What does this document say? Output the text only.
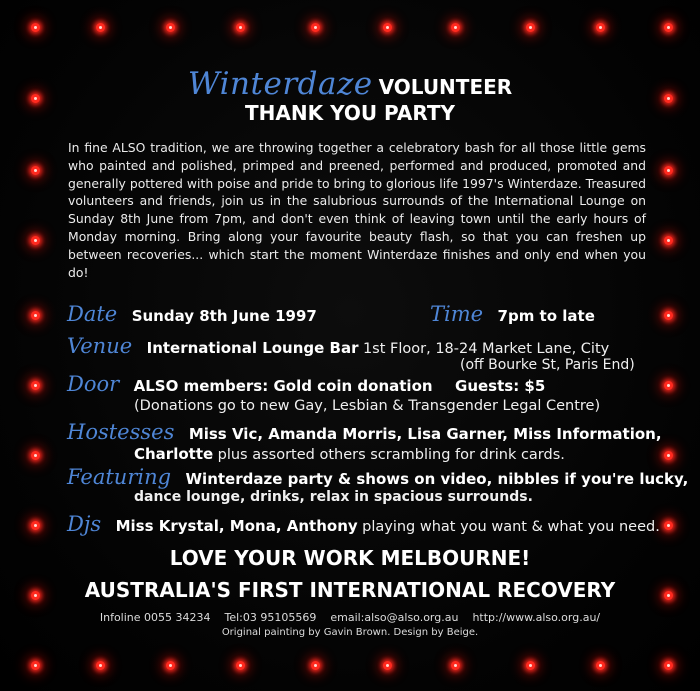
Winterdaze VOLUNTEER
THANK YOU PARTY
In fine ALSO tradition, we are throwing together a celebratory bash for all those little gems who painted and polished, primped and preened, performed and produced, promoted and generally pottered with poise and pride to bring to glorious life 1997's Winterdaze. Treasured volunteers and friends, join us in the salubrious surrounds of the International Lounge on Sunday 8th June from 7pm, and don't even think of leaving town until the early hours of Monday morning. Bring along your favourite beauty flash, so that you can freshen up between recoveries... which start the moment Winterdaze finishes and only end when you do!
Date Sunday 8th June 1997	Time 7pm to late
Venue International Lounge Bar 1st Floor, 18-24 Market Lane, City
(off Bourke St, Paris End)
Door ALSO members: Gold coin donation Guests: $5
(Donations go to new Gay, Lesbian & Transgender Legal Centre)
Hostesses Miss Vic, Amanda Morris, Lisa Garner, Miss Information,
Charlotte plus assorted others scrambling for drink cards.
Featuring Winterdaze party & shows on video, nibbles if you're lucky,
dance lounge, drinks, relax in spacious surrounds.
Djs Miss Krystal, Mona, Anthony playing what you want & what you need.
LOVE YOUR WORK MELBOURNE!
AUSTRALIA'S FIRST INTERNATIONAL RECOVERY
Infoline 0055 34234    Tel:03 95105569    email:also@also.org.au    http://www.also.org.au/
Original painting by Gavin Brown. Design by Beige.
